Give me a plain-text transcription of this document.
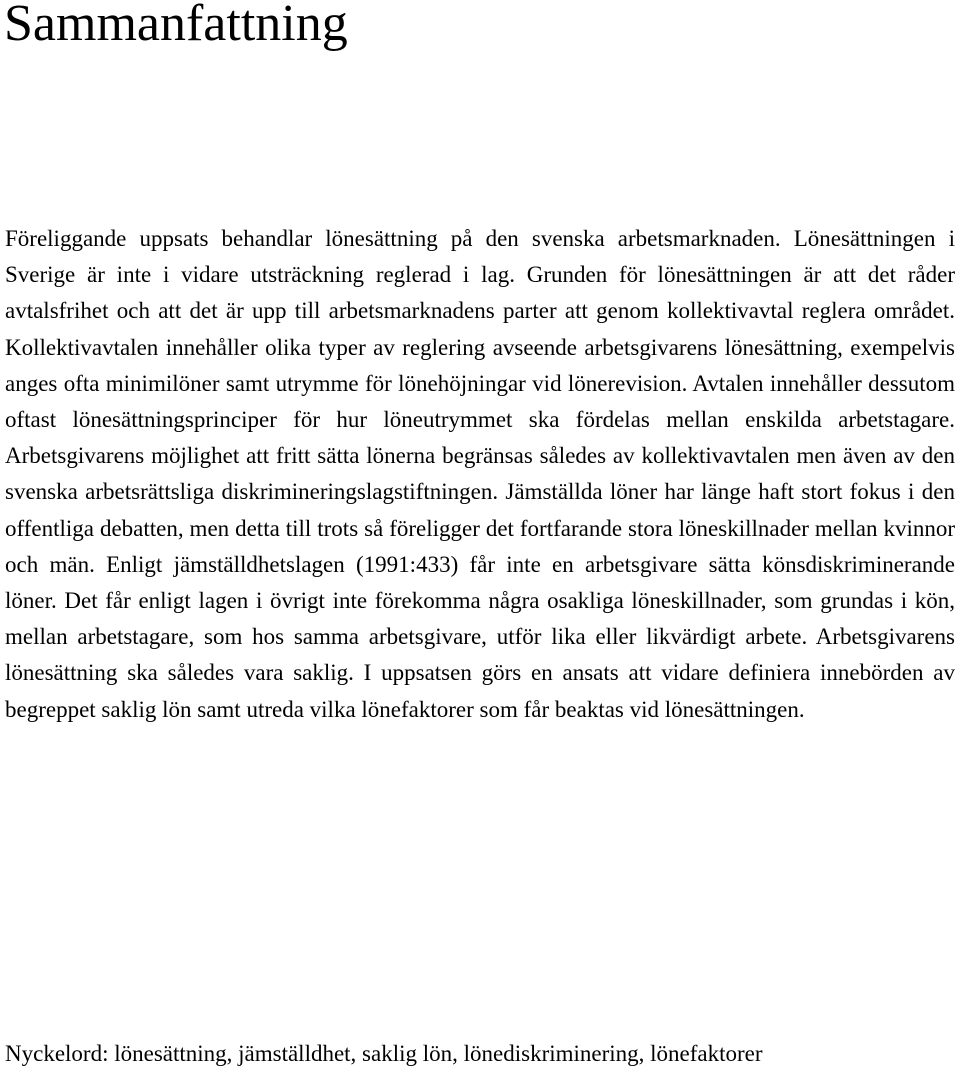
Sammanfattning

Föreliggande uppsats behandlar lönesättning på den svenska arbetsmarknaden. Lönesättningen i Sverige är inte i vidare utsträckning reglerad i lag. Grunden för lönesättningen är att det råder avtalsfrihet och att det är upp till arbetsmarknadens parter att genom kollektivavtal reglera området. Kollektivavtalen innehåller olika typer av reglering avseende arbetsgivarens lönesättning, exempelvis anges ofta minimilöner samt utrymme för lönehöjningar vid lönerevision. Avtalen innehåller dessutom oftast lönesättningsprinciper för hur löneutrymmet ska fördelas mellan enskilda arbetstagare. Arbetsgivarens möjlighet att fritt sätta lönerna begränsas således av kollektivavtalen men även av den svenska arbetsrättsliga diskrimineringslagstiftningen. Jämställda löner har länge haft stort fokus i den offentliga debatten, men detta till trots så föreligger det fortfarande stora löneskillnader mellan kvinnor och män. Enligt jämställdhetslagen (1991:433) får inte en arbetsgivare sätta könsdiskriminerande löner. Det får enligt lagen i övrigt inte förekomma några osakliga löneskillnader, som grundas i kön, mellan arbetstagare, som hos samma arbetsgivare, utför lika eller likvärdigt arbete. Arbetsgivarens lönesättning ska således vara saklig. I uppsatsen görs en ansats att vidare definiera innebörden av begreppet saklig lön samt utreda vilka lönefaktorer som får beaktas vid lönesättningen.

Nyckelord: lönesättning, jämställdhet, saklig lön, lönediskriminering, lönefaktorer
